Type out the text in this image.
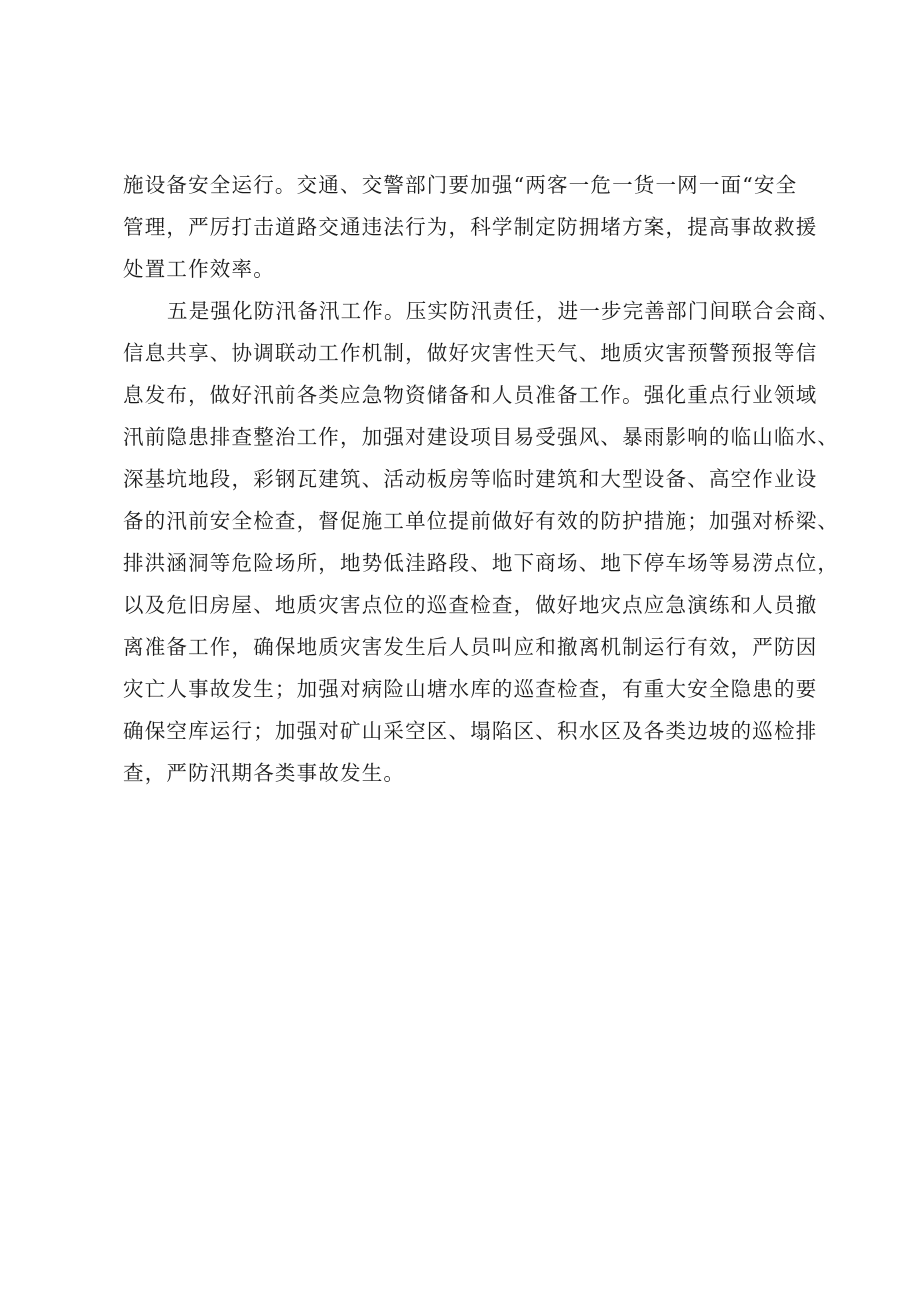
施设备安全运行。交通、交警部门要加强“两客一危一货一网一面“安全
管理，严厉打击道路交通违法行为，科学制定防拥堵方案，提高事故救援
处置工作效率。
五是强化防汛备汛工作。压实防汛责任，进一步完善部门间联合会商、
信息共享、协调联动工作机制，做好灾害性天气、地质灾害预警预报等信
息发布，做好汛前各类应急物资储备和人员准备工作。强化重点行业领域
汛前隐患排查整治工作，加强对建设项目易受强风、暴雨影响的临山临水、
深基坑地段，彩钢瓦建筑、活动板房等临时建筑和大型设备、高空作业设
备的汛前安全检查，督促施工单位提前做好有效的防护措施；加强对桥梁、
排洪涵洞等危险场所，地势低洼路段、地下商场、地下停车场等易涝点位，
以及危旧房屋、地质灾害点位的巡查检查，做好地灾点应急演练和人员撤
离准备工作，确保地质灾害发生后人员叫应和撤离机制运行有效，严防因
灾亡人事故发生；加强对病险山塘水库的巡查检查，有重大安全隐患的要
确保空库运行；加强对矿山采空区、塌陷区、积水区及各类边坡的巡检排
查，严防汛期各类事故发生。
